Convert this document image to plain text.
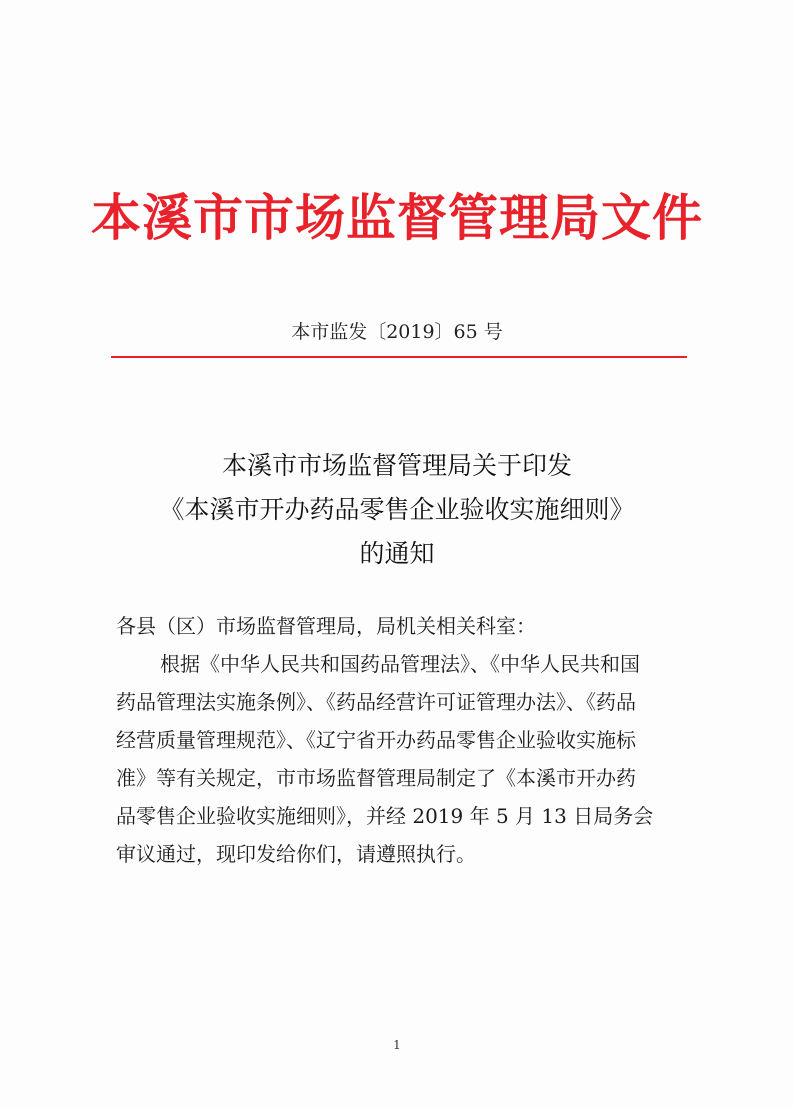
本溪市市场监督管理局文件
本市监发〔2019〕65 号
本溪市市场监督管理局关于印发
《本溪市开办药品零售企业验收实施细则》
的通知
各县（区）市场监督管理局，局机关相关科室：
根据《中华人民共和国药品管理法》、《中华人民共和国
药品管理法实施条例》、《药品经营许可证管理办法》、《药品
经营质量管理规范》、《辽宁省开办药品零售企业验收实施标
准》等有关规定，市市场监督管理局制定了《本溪市开办药
品零售企业验收实施细则》，并经 2019 年 5 月 13 日局务会
审议通过，现印发给你们，请遵照执行。
1
